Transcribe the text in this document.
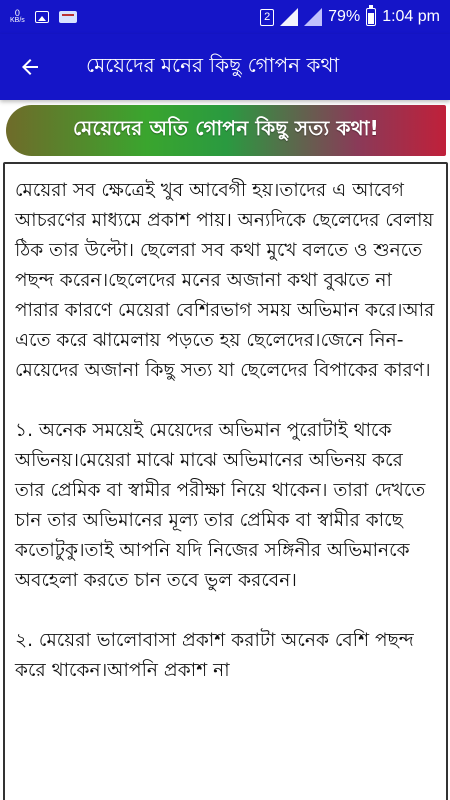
0
KB/s	2	79% 1:04 pm
মেয়েদের মনের কিছু গোপন কথা
মেয়েদের অতি গোপন কিছু সত্য কথা!

মেয়েরা সব ক্ষেত্রেই খুব আবেগী হয়।তাদের এ আবেগ আচরণের মাধ্যমে প্রকাশ পায়। অন্যদিকে ছেলেদের বেলায় ঠিক তার উল্টো। ছেলেরা সব কথা মুখে বলতে ও শুনতে পছন্দ করেন।ছেলেদের মনের অজানা কথা বুঝতে না পারার কারণে মেয়েরা বেশিরভাগ সময় অভিমান করে।আর এতে করে ঝামেলায় পড়তে হয় ছেলেদের।জেনে নিন-মেয়েদের অজানা কিছু সত্য যা ছেলেদের বিপাকের কারণ।

১. অনেক সময়েই মেয়েদের অভিমান পুরোটাই থাকে অভিনয়।মেয়েরা মাঝে মাঝে অভিমানের অভিনয় করে তার প্রেমিক বা স্বামীর পরীক্ষা নিয়ে থাকেন। তারা দেখতে চান তার অভিমানের মূল্য তার প্রেমিক বা স্বামীর কাছে কতোটুকু।তাই আপনি যদি নিজের সঙ্গিনীর অভিমানকে অবহেলা করতে চান তবে ভুল করবেন।

২. মেয়েরা ভালোবাসা প্রকাশ করাটা অনেক বেশি পছন্দ করে থাকেন।আপনি প্রকাশ না
